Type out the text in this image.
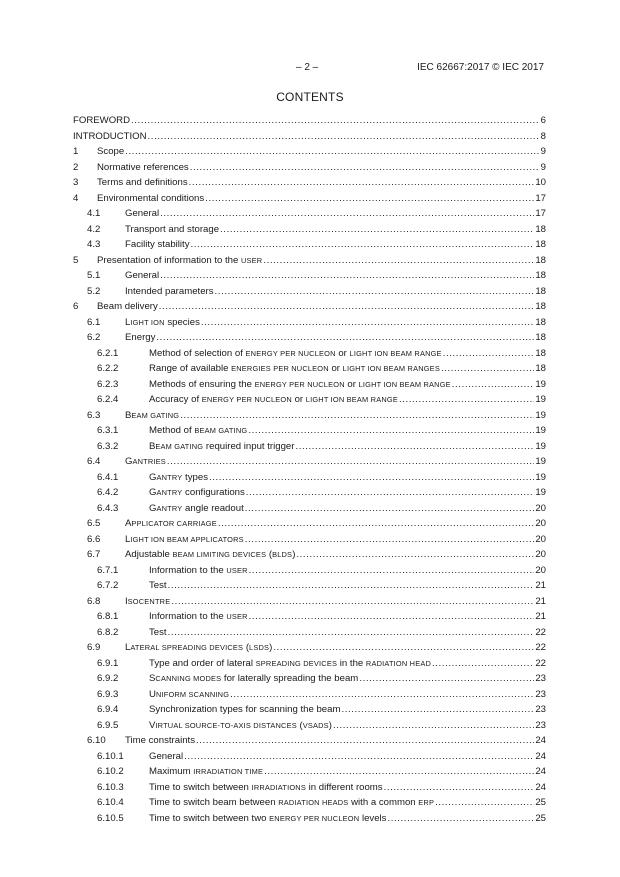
– 2 –	IEC 62667:2017 © IEC 2017
CONTENTS
FOREWORD .....	6
INTRODUCTION .....	8
1	Scope .....	9
2	Normative references .....	9
3	Terms and definitions .....	10
4	Environmental conditions .....	17
4.1	General .....	17
4.2	Transport and storage .....	18
4.3	Facility stability .....	18
5	Presentation of information to the USER .....	18
5.1	General .....	18
5.2	Intended parameters .....	18
6	Beam delivery .....	18
6.1	LIGHT ION species .....	18
6.2	Energy .....	18
6.2.1	Method of selection of ENERGY PER NUCLEON or LIGHT ION BEAM RANGE .....	18
6.2.2	Range of available ENERGIES PER NUCLEON or LIGHT ION BEAM RANGES .....	18
6.2.3	Methods of ensuring the ENERGY PER NUCLEON or LIGHT ION BEAM RANGE .....	19
6.2.4	Accuracy of ENERGY PER NUCLEON or LIGHT ION BEAM RANGE .....	19
6.3	BEAM GATING .....	19
6.3.1	Method of BEAM GATING .....	19
6.3.2	BEAM GATING required input trigger .....	19
6.4	GANTRIES .....	19
6.4.1	GANTRY types .....	19
6.4.2	GANTRY configurations .....	19
6.4.3	GANTRY angle readout .....	20
6.5	APPLICATOR CARRIAGE .....	20
6.6	LIGHT ION BEAM APPLICATORS .....	20
6.7	Adjustable BEAM LIMITING DEVICES (BLDS) .....	20
6.7.1	Information to the USER .....	20
6.7.2	Test .....	21
6.8	ISOCENTRE .....	21
6.8.1	Information to the USER .....	21
6.8.2	Test .....	22
6.9	LATERAL SPREADING DEVICES (LSDS) .....	22
6.9.1	Type and order of lateral SPREADING DEVICES in the RADIATION HEAD .....	22
6.9.2	SCANNING MODES for laterally spreading the beam .....	23
6.9.3	UNIFORM SCANNING .....	23
6.9.4	Synchronization types for scanning the beam .....	23
6.9.5	VIRTUAL SOURCE-TO-AXIS DISTANCES (VSADS) .....	23
6.10	Time constraints .....	24
6.10.1	General .....	24
6.10.2	Maximum IRRADIATION TIME .....	24
6.10.3	Time to switch between IRRADIATIONS in different rooms .....	24
6.10.4	Time to switch beam between RADIATION HEADS with a common ERP .....	25
6.10.5	Time to switch between two ENERGY PER NUCLEON levels .....	25
